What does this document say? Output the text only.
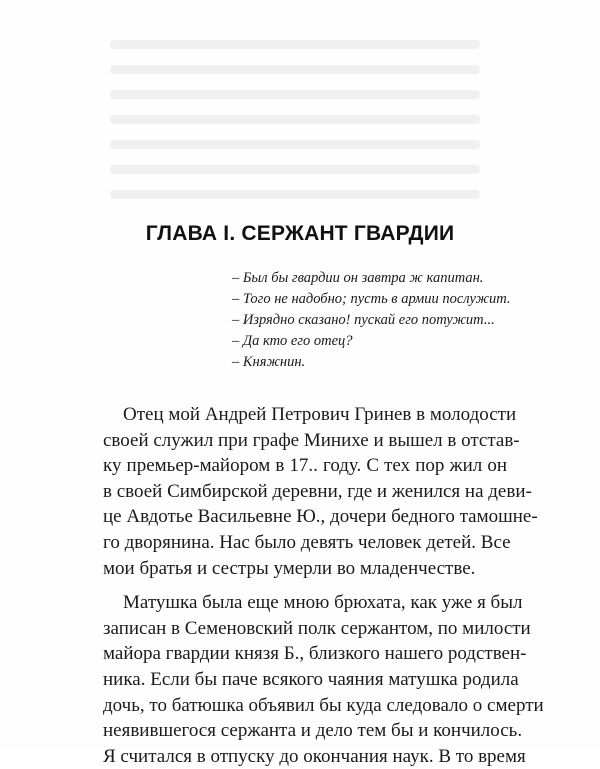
ГЛАВА I. СЕРЖАНТ ГВАРДИИ
– Был бы гвардии он завтра ж капитан.
– Того не надобно; пусть в армии послужит.
– Изрядно сказано! пускай его потужит...
– Да кто его отец?
– Княжнин.

Отец мой Андрей Петрович Гринев в молодости
своей служил при графе Минихе и вышел в отстав-
ку премьер-майором в 17.. году. С тех пор жил он
в своей Симбирской деревни, где и женился на деви-
це Авдотье Васильевне Ю., дочери бедного тамошне-
го дворянина. Нас было девять человек детей. Все
мои братья и сестры умерли во младенчестве.

Матушка была еще мною брюхата, как уже я был
записан в Семеновский полк сержантом, по милости
майора гвардии князя Б., близкого нашего родствен-
ника. Если бы паче всякого чаяния матушка родила
дочь, то батюшка объявил бы куда следовало о смерти
неявившегося сержанта и дело тем бы и кончилось.
Я считался в отпуску до окончания наук. В то время
